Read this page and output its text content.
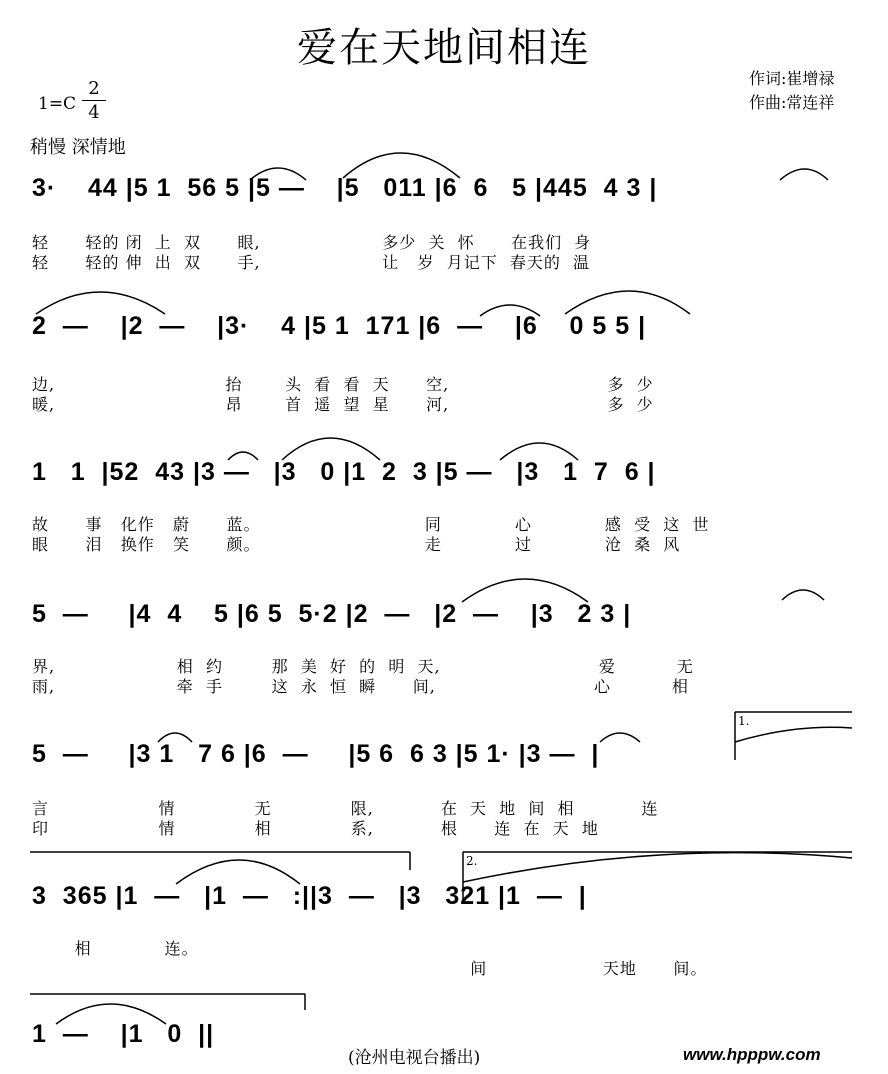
爱在天地间相连
作词:崔增禄
作曲:常连祥
1=C
2
4
稍慢 深情地
3·    44 |5 1  56 5 |5 —    |5   011 |6  6   5 |445  4 3 |
轻      轻的 闭  上  双      眼,                    多少  关  怀      在我们  身
轻      轻的 伸  出  双      手,                    让   岁  月记下  春天的  温
2  —    |2  —    |3·    4 |5 1  171 |6  —    |6    0 5 5 |
边,                            抬       头  看  看  天      空,                          多  少
暖,                            昂       首  遥  望  星      河,                          多  少
1   1  |52  43 |3 —   |3   0 |1  2  3 |5 —   |3   1  7  6 |
故      事   化作   蔚      蓝。                           同            心            感  受  这  世
眼      泪   换作   笑      颜。                           走            过            沧  桑  风
5  —     |4  4    5 |6 5  5·2 |2  —   |2  —    |3   2 3 |
界,                    相  约        那  美  好  的  明  天,                          爱          无
雨,                    牵  手        这  永  恒  瞬      间,                          心          相
5  —     |3 1   7 6 |6  —     |5 6  6 3 |5 1· |3 —  |
言                  情             无             限,           在  天  地  间  相           连
印                  情             相             系,           根      连  在  天  地
1.
3  365 |1  —   |1  —   :||3  —   |3   321 |1  —  |
相            连。
间                   天地      间。
2.
1  —    |1   0  ||
(沧州电视台播出)	www.hpppw.com
